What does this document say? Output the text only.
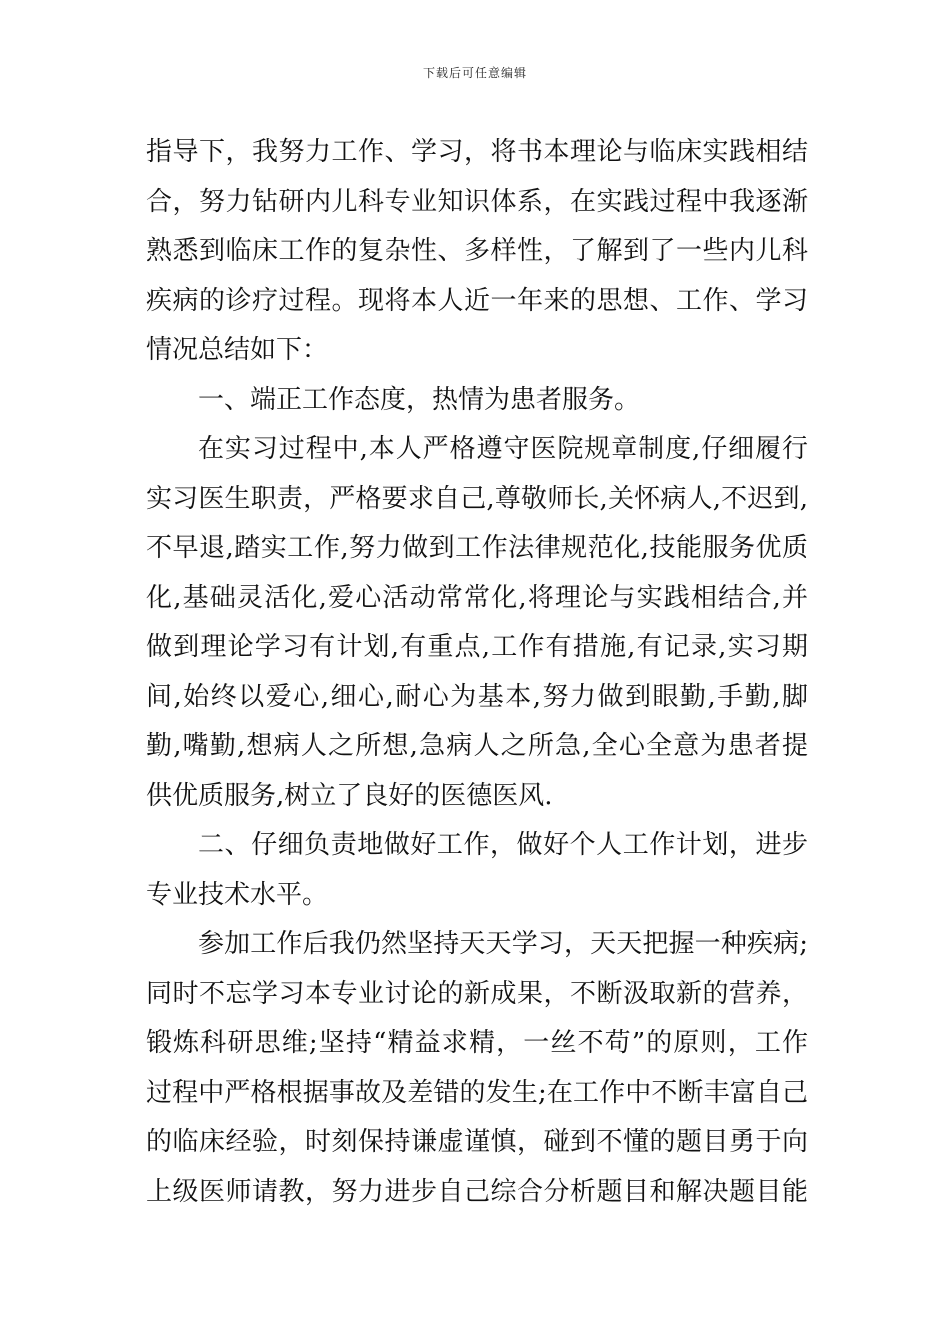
下载后可任意编辑
指导下，我努力工作、学习，将书本理论与临床实践相结
合，努力钻研内儿科专业知识体系，在实践过程中我逐渐
熟悉到临床工作的复杂性、多样性，了解到了一些内儿科
疾病的诊疗过程。现将本人近一年来的思想、工作、学习
情况总结如下：
一、端正工作态度，热情为患者服务。
在实习过程中,本人严格遵守医院规章制度,仔细履行
实习医生职责，严格要求自己,尊敬师长,关怀病人,不迟到,
不早退,踏实工作,努力做到工作法律规范化,技能服务优质
化,基础灵活化,爱心活动常常化,将理论与实践相结合,并
做到理论学习有计划,有重点,工作有措施,有记录,实习期
间,始终以爱心,细心,耐心为基本,努力做到眼勤,手勤,脚
勤,嘴勤,想病人之所想,急病人之所急,全心全意为患者提
供优质服务,树立了良好的医德医风.
二、仔细负责地做好工作，做好个人工作计划，进步
专业技术水平。
参加工作后我仍然坚持天天学习，天天把握一种疾病;
同时不忘学习本专业讨论的新成果，不断汲取新的营养，
锻炼科研思维;坚持“精益求精，一丝不苟”的原则，工作
过程中严格根据事故及差错的发生;在工作中不断丰富自己
的临床经验，时刻保持谦虚谨慎，碰到不懂的题目勇于向
上级医师请教，努力进步自己综合分析题目和解决题目能
